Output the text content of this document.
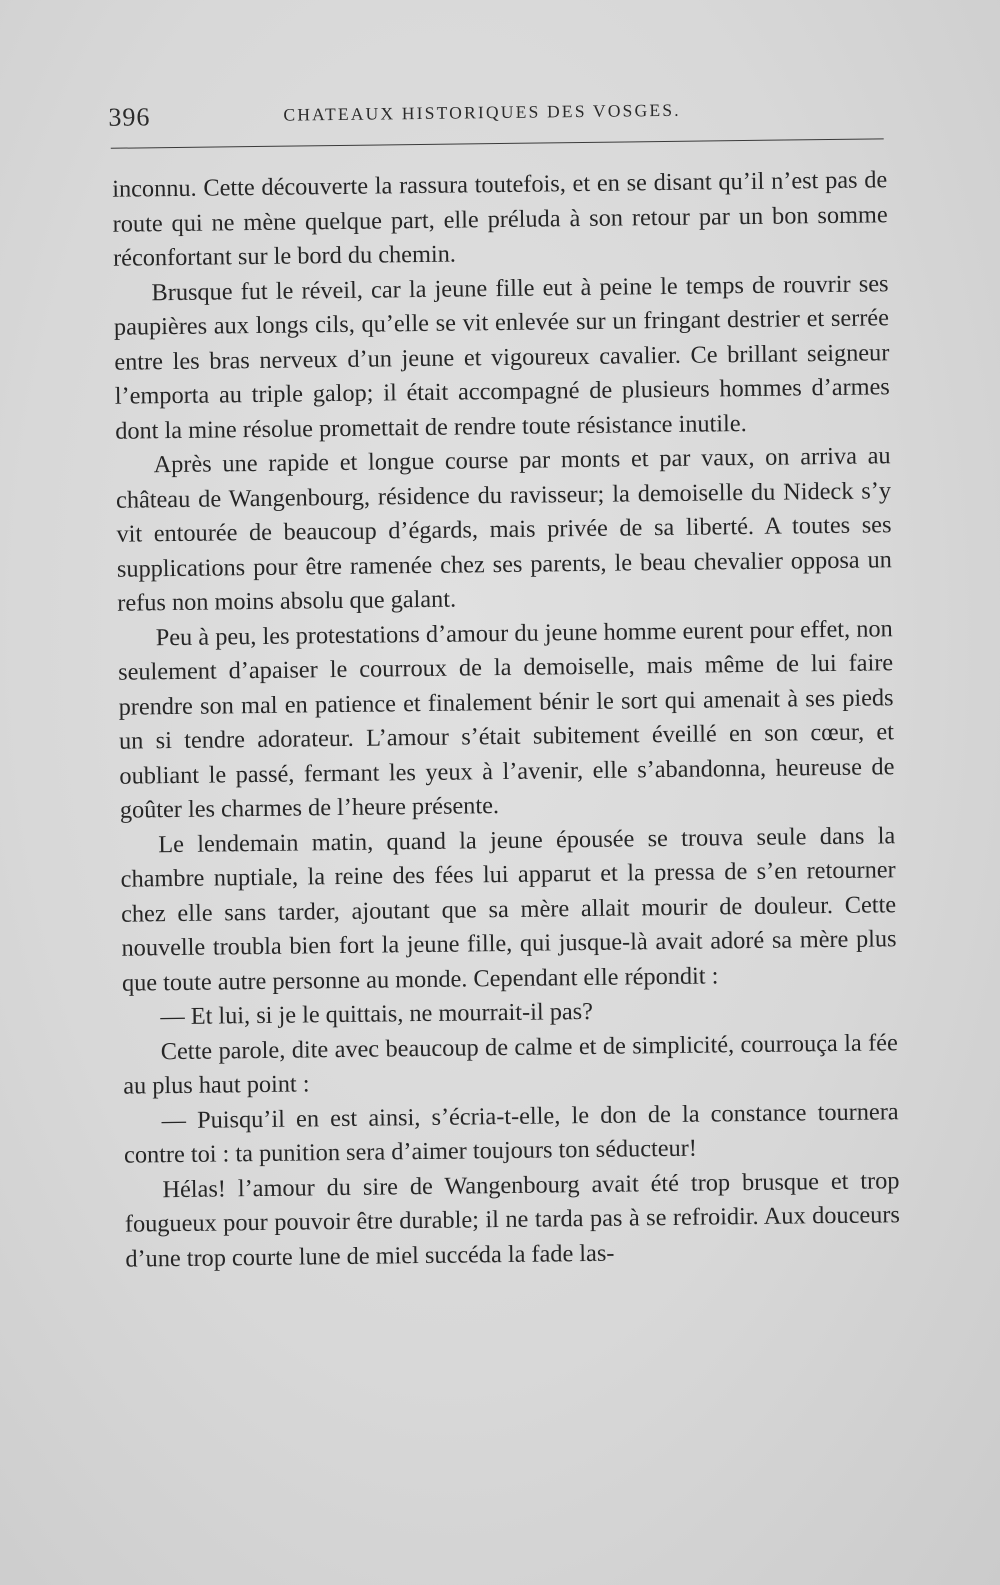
396	CHATEAUX HISTORIQUES DES VOSGES.

inconnu. Cette découverte la rassura toutefois, et en se disant qu’il n’est pas de route qui ne mène quelque part, elle préluda à son retour par un bon somme réconfortant sur le bord du chemin.

Brusque fut le réveil, car la jeune fille eut à peine le temps de rouvrir ses paupières aux longs cils, qu’elle se vit enlevée sur un fringant destrier et serrée entre les bras nerveux d’un jeune et vigoureux cavalier. Ce brillant seigneur l’emporta au triple galop; il était accompagné de plusieurs hommes d’armes dont la mine résolue promettait de rendre toute résistance inutile.

Après une rapide et longue course par monts et par vaux, on arriva au château de Wangenbourg, résidence du ravisseur; la demoiselle du Nideck s’y vit entourée de beaucoup d’égards, mais privée de sa liberté. A toutes ses supplications pour être ramenée chez ses parents, le beau chevalier opposa un refus non moins absolu que galant.

Peu à peu, les protestations d’amour du jeune homme eurent pour effet, non seulement d’apaiser le courroux de la demoiselle, mais même de lui faire prendre son mal en patience et finalement bénir le sort qui amenait à ses pieds un si tendre adorateur. L’amour s’était subitement éveillé en son cœur, et oubliant le passé, fermant les yeux à l’avenir, elle s’abandonna, heureuse de goûter les charmes de l’heure présente.

Le lendemain matin, quand la jeune épousée se trouva seule dans la chambre nuptiale, la reine des fées lui apparut et la pressa de s’en retourner chez elle sans tarder, ajoutant que sa mère allait mourir de douleur. Cette nouvelle troubla bien fort la jeune fille, qui jusque-là avait adoré sa mère plus que toute autre personne au monde. Cependant elle répondit :

— Et lui, si je le quittais, ne mourrait-il pas?

Cette parole, dite avec beaucoup de calme et de simplicité, courrouça la fée au plus haut point :

— Puisqu’il en est ainsi, s’écria-t-elle, le don de la constance tournera contre toi : ta punition sera d’aimer toujours ton séducteur!

Hélas! l’amour du sire de Wangenbourg avait été trop brusque et trop fougueux pour pouvoir être durable; il ne tarda pas à se refroidir. Aux douceurs d’une trop courte lune de miel succéda la fade las-
